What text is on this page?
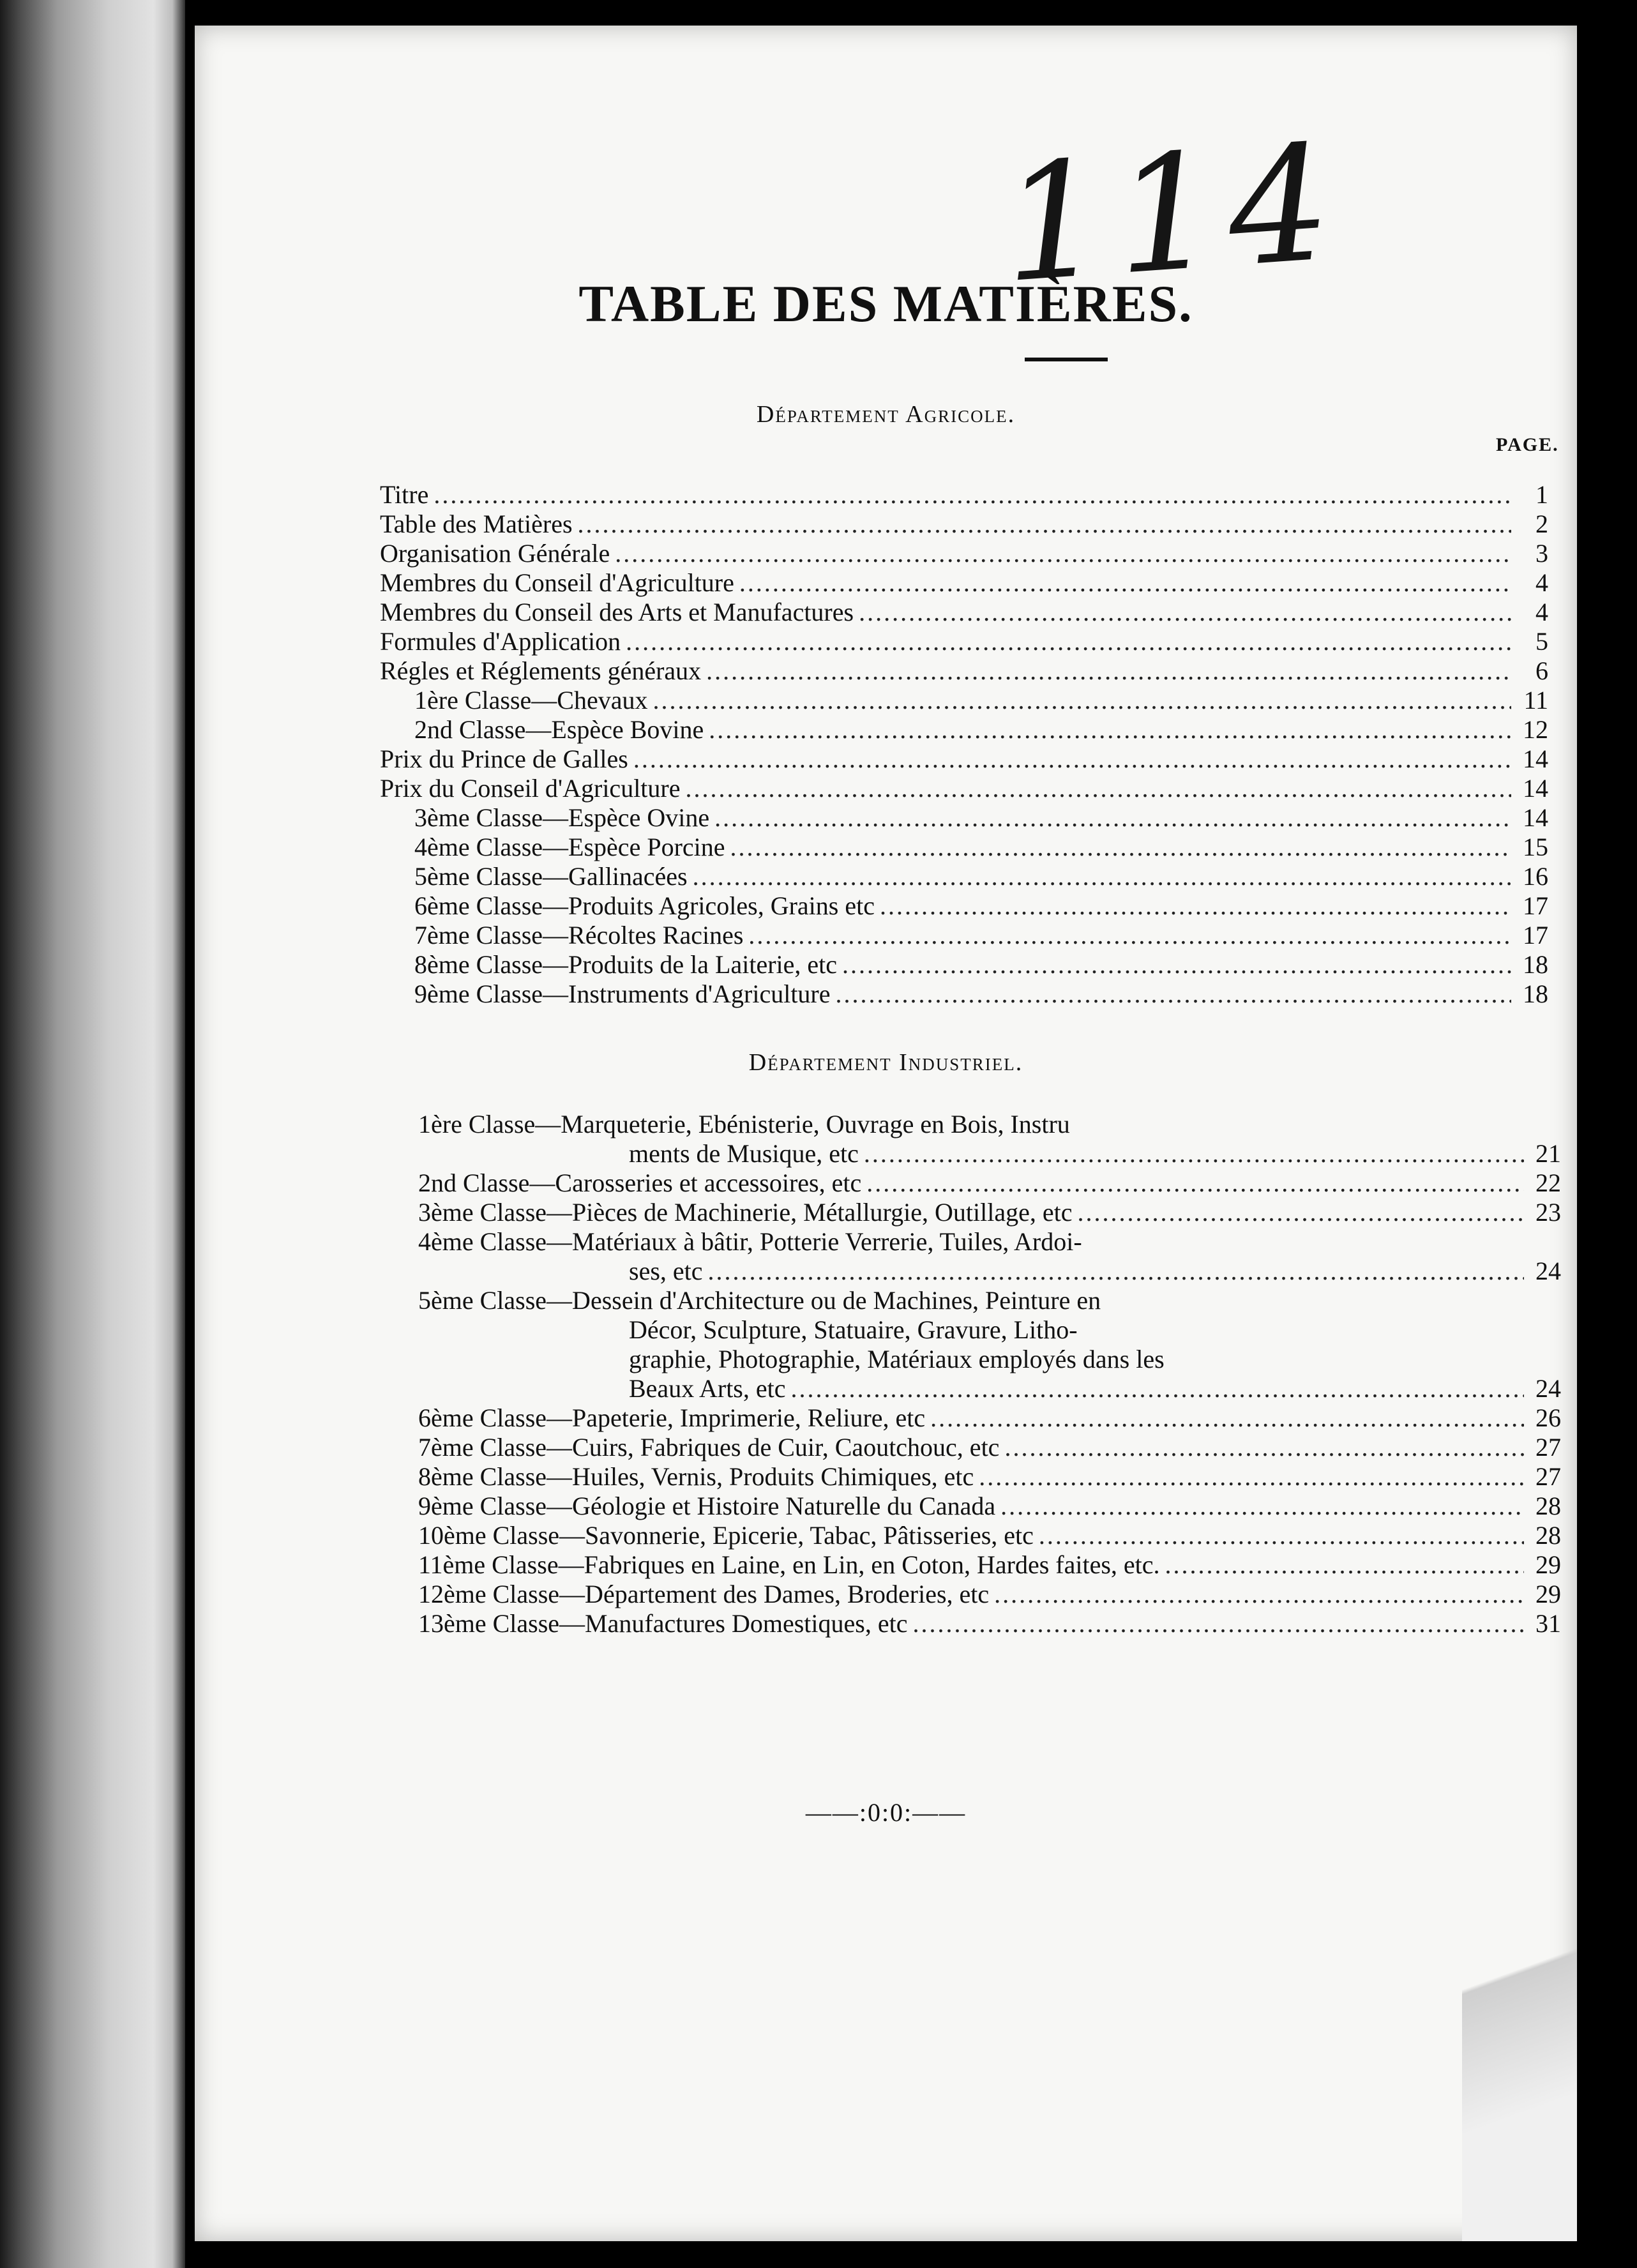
114
TABLE DES MATIÈRES.
Département Agricole.
PAGE.
Titre .....	1
Table des Matières .....	2
Organisation Générale .....	3
Membres du Conseil d'Agriculture .....	4
Membres du Conseil des Arts et Manufactures .....	4
Formules d'Application .....	5
Régles et Réglements généraux .....	6
1ère Classe—Chevaux .....	11
2nd Classe—Espèce Bovine .....	12
Prix du Prince de Galles .....	14
Prix du Conseil d'Agriculture .....	14
3ème Classe—Espèce Ovine .....	14
4ème Classe—Espèce Porcine .....	15
5ème Classe—Gallinacées .....	16
6ème Classe—Produits Agricoles, Grains etc .....	17
7ème Classe—Récoltes Racines .....	17
8ème Classe—Produits de la Laiterie, etc .....	18
9ème Classe—Instruments d'Agriculture .....	18
Département Industriel.
1ère Classe—Marqueterie, Ebénisterie, Ouvrage en Bois, Instru
ments de Musique, etc .....	21
2nd Classe—Carosseries et accessoires, etc .....	22
3ème Classe—Pièces de Machinerie, Métallurgie, Outillage, etc .....	23
4ème Classe—Matériaux à bâtir, Potterie Verrerie, Tuiles, Ardoi-
ses, etc .....	24
5ème Classe—Dessein d'Architecture ou de Machines, Peinture en
Décor, Sculpture, Statuaire, Gravure, Litho-
graphie, Photographie, Matériaux employés dans les
Beaux Arts, etc .....	24
6ème Classe—Papeterie, Imprimerie, Reliure, etc .....	26
7ème Classe—Cuirs, Fabriques de Cuir, Caoutchouc, etc .....	27
8ème Classe—Huiles, Vernis, Produits Chimiques, etc .....	27
9ème Classe—Géologie et Histoire Naturelle du Canada .....	28
10ème Classe—Savonnerie, Epicerie, Tabac, Pâtisseries, etc .....	28
11ème Classe—Fabriques en Laine, en Lin, en Coton, Hardes faites, etc. .....	29
12ème Classe—Département des Dames, Broderies, etc .....	29
13ème Classe—Manufactures Domestiques, etc .....	31
——:0:0:——
